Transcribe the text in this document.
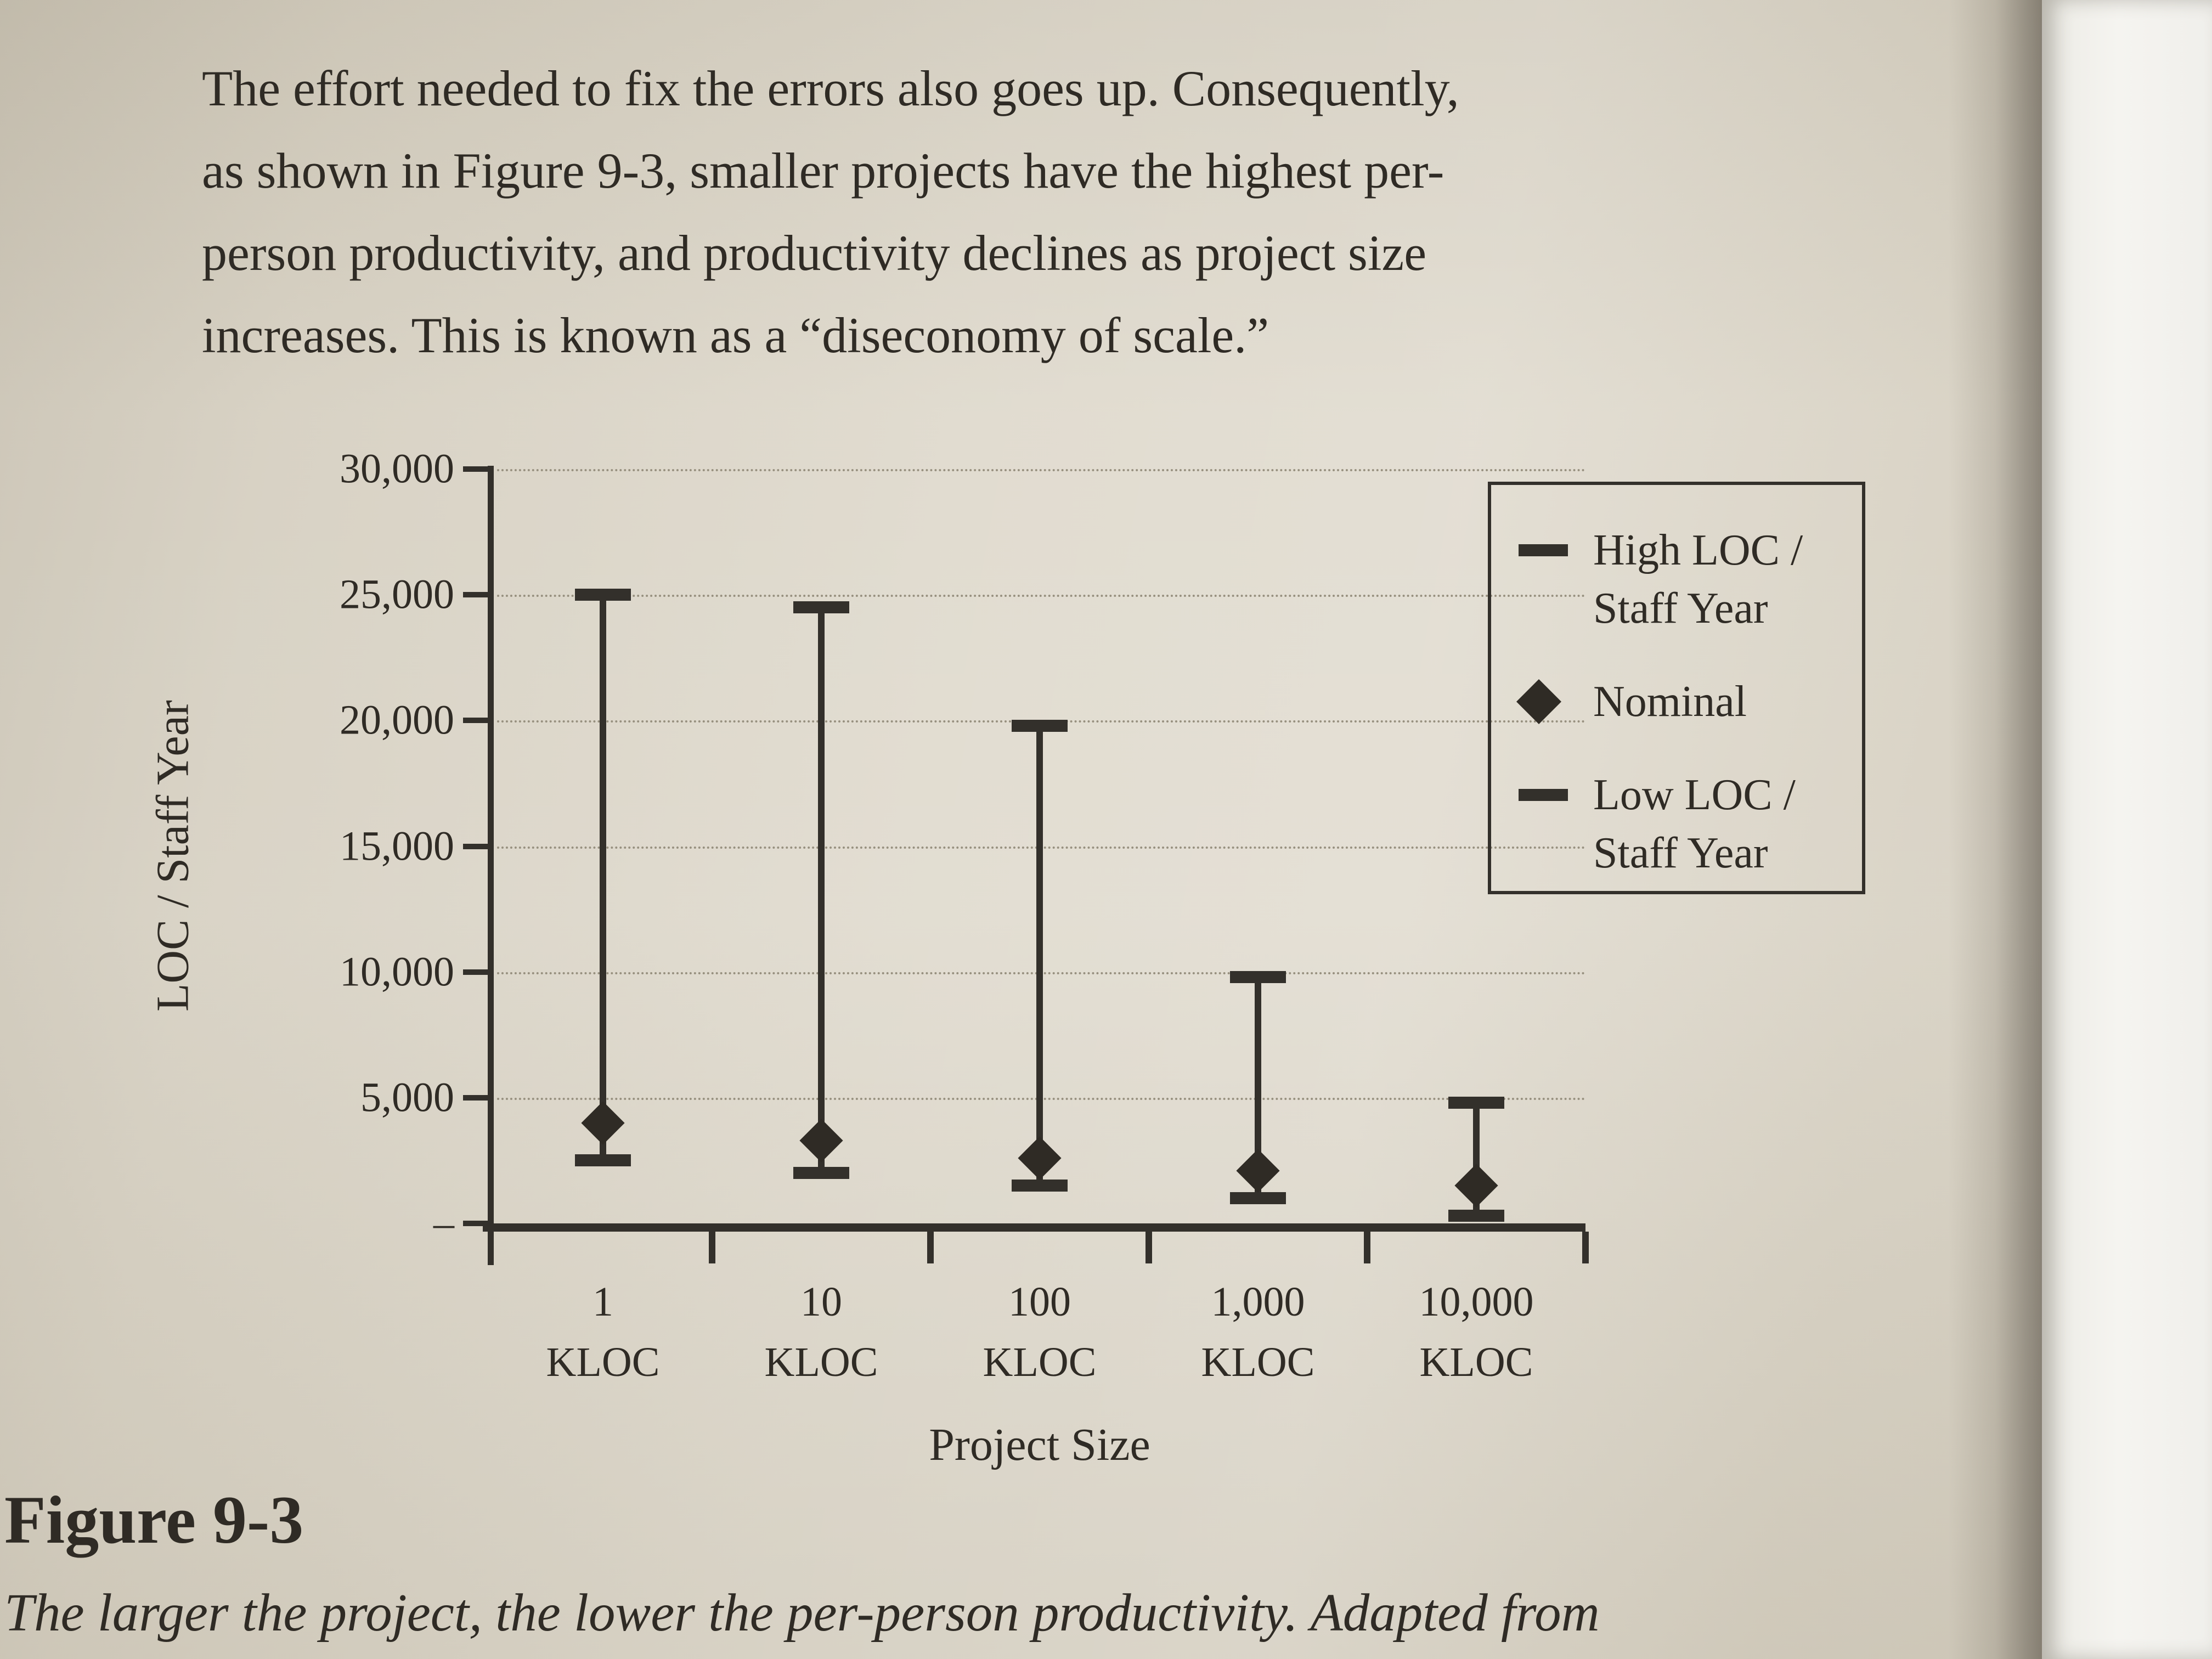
The effort needed to fix the errors also goes up. Consequently,
as shown in Figure 9-3, smaller projects have the highest per-
person productivity, and productivity declines as project size
increases. This is known as a “diseconomy of scale.”
LOC / Staff Year
30,000
25,000
20,000
15,000
10,000
5,000
–
1
KLOC
10
KLOC
100
KLOC
1,000
KLOC
10,000
KLOC
Project Size
High LOC / Staff Year
Nominal
Low LOC / Staff Year
Figure 9-3
The larger the project, the lower the per-person productivity. Adapted from
